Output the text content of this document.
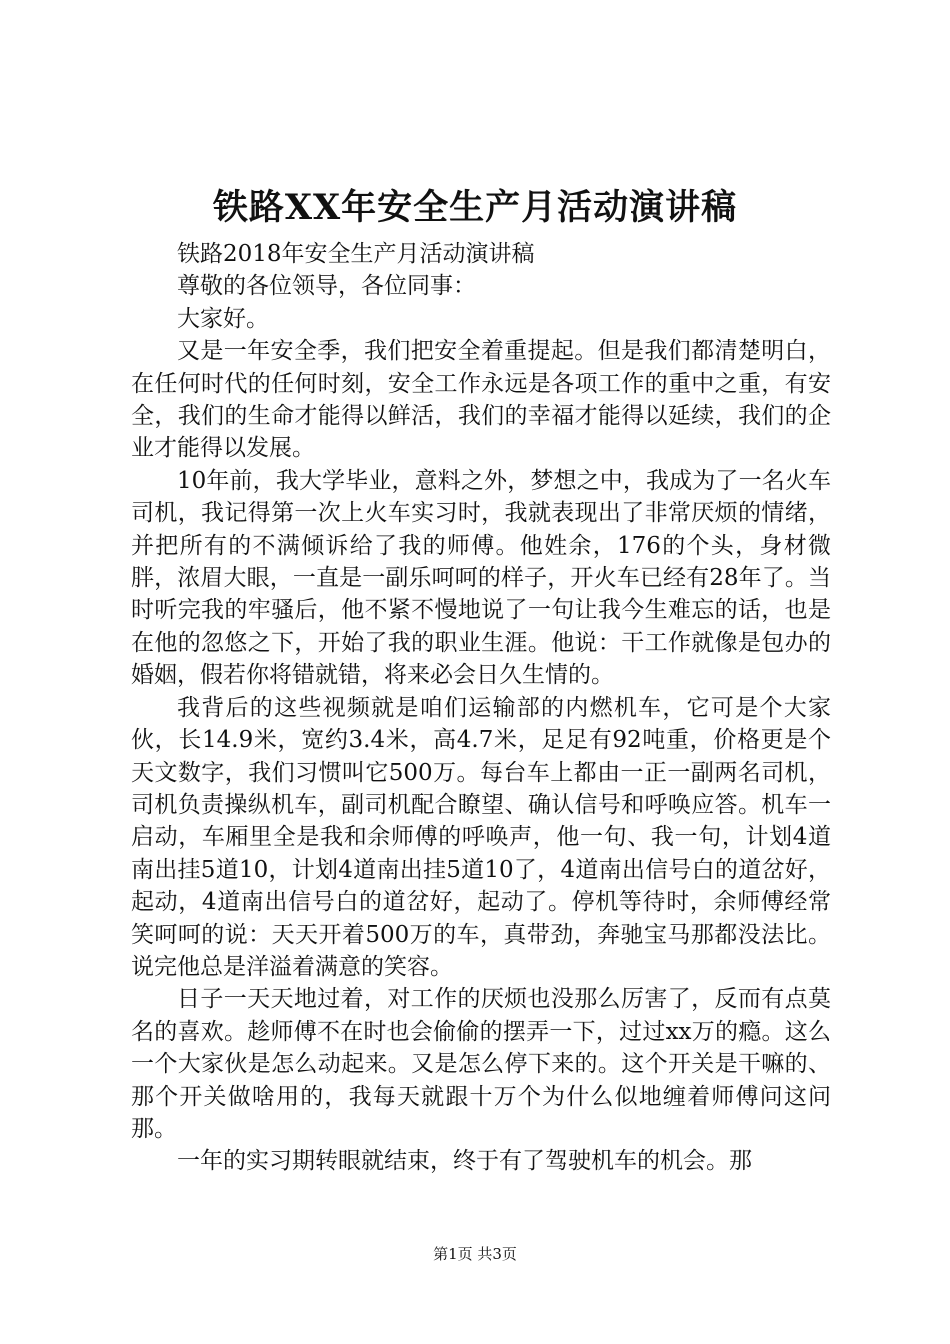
铁路XX年安全生产月活动演讲稿

铁路2018年安全生产月活动演讲稿

尊敬的各位领导，各位同事：

大家好。

又是一年安全季，我们把安全着重提起。但是我们都清楚明白，在任何时代的任何时刻，安全工作永远是各项工作的重中之重，有安全，我们的生命才能得以鲜活，我们的幸福才能得以延续，我们的企业才能得以发展。

10年前，我大学毕业，意料之外，梦想之中，我成为了一名火车司机，我记得第一次上火车实习时，我就表现出了非常厌烦的情绪，并把所有的不满倾诉给了我的师傅。他姓余，176的个头，身材微胖，浓眉大眼，一直是一副乐呵呵的样子，开火车已经有28年了。当时听完我的牢骚后，他不紧不慢地说了一句让我今生难忘的话，也是在他的忽悠之下，开始了我的职业生涯。他说：干工作就像是包办的婚姻，假若你将错就错，将来必会日久生情的。

我背后的这些视频就是咱们运输部的内燃机车，它可是个大家伙，长14.9米，宽约3.4米，高4.7米，足足有92吨重，价格更是个天文数字，我们习惯叫它500万。每台车上都由一正一副两名司机，司机负责操纵机车，副司机配合瞭望、确认信号和呼唤应答。机车一启动，车厢里全是我和余师傅的呼唤声，他一句、我一句，计划4道南出挂5道10，计划4道南出挂5道10了，4道南出信号白的道岔好，起动，4道南出信号白的道岔好，起动了。停机等待时，余师傅经常笑呵呵的说：天天开着500万的车，真带劲，奔驰宝马那都没法比。说完他总是洋溢着满意的笑容。

日子一天天地过着，对工作的厌烦也没那么厉害了，反而有点莫名的喜欢。趁师傅不在时也会偷偷的摆弄一下，过过xx万的瘾。这么一个大家伙是怎么动起来。又是怎么停下来的。这个开关是干嘛的、那个开关做啥用的，我每天就跟十万个为什么似地缠着师傅问这问那。

一年的实习期转眼就结束，终于有了驾驶机车的机会。那

第1页 共3页
